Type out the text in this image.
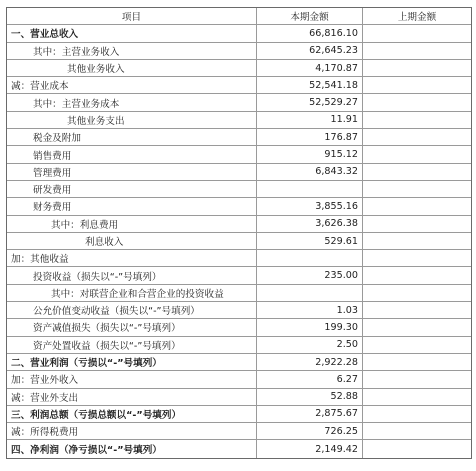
项目	本期金额	上期金额
一、营业总收入	66,816.10
其中：主营业务收入	62,645.23
其他业务收入	4,170.87
减：营业成本	52,541.18
其中：主营业务成本	52,529.27
其他业务支出	11.91
税金及附加	176.87
销售费用	915.12
管理费用	6,843.32
研发费用
财务费用	3,855.16
其中：利息费用	3,626.38
利息收入	529.61
加：其他收益
投资收益（损失以“-”号填列）	235.00
其中：对联营企业和合营企业的投资收益
公允价值变动收益（损失以“-”号填列）	1.03
资产减值损失（损失以“-”号填列）	199.30
资产处置收益（损失以“-”号填列）	2.50
二、营业利润（亏损以“-”号填列）	2,922.28
加：营业外收入	6.27
减：营业外支出	52.88
三、利润总额（亏损总额以“-”号填列）	2,875.67
减：所得税费用	726.25
四、净利润（净亏损以“-”号填列）	2,149.42
